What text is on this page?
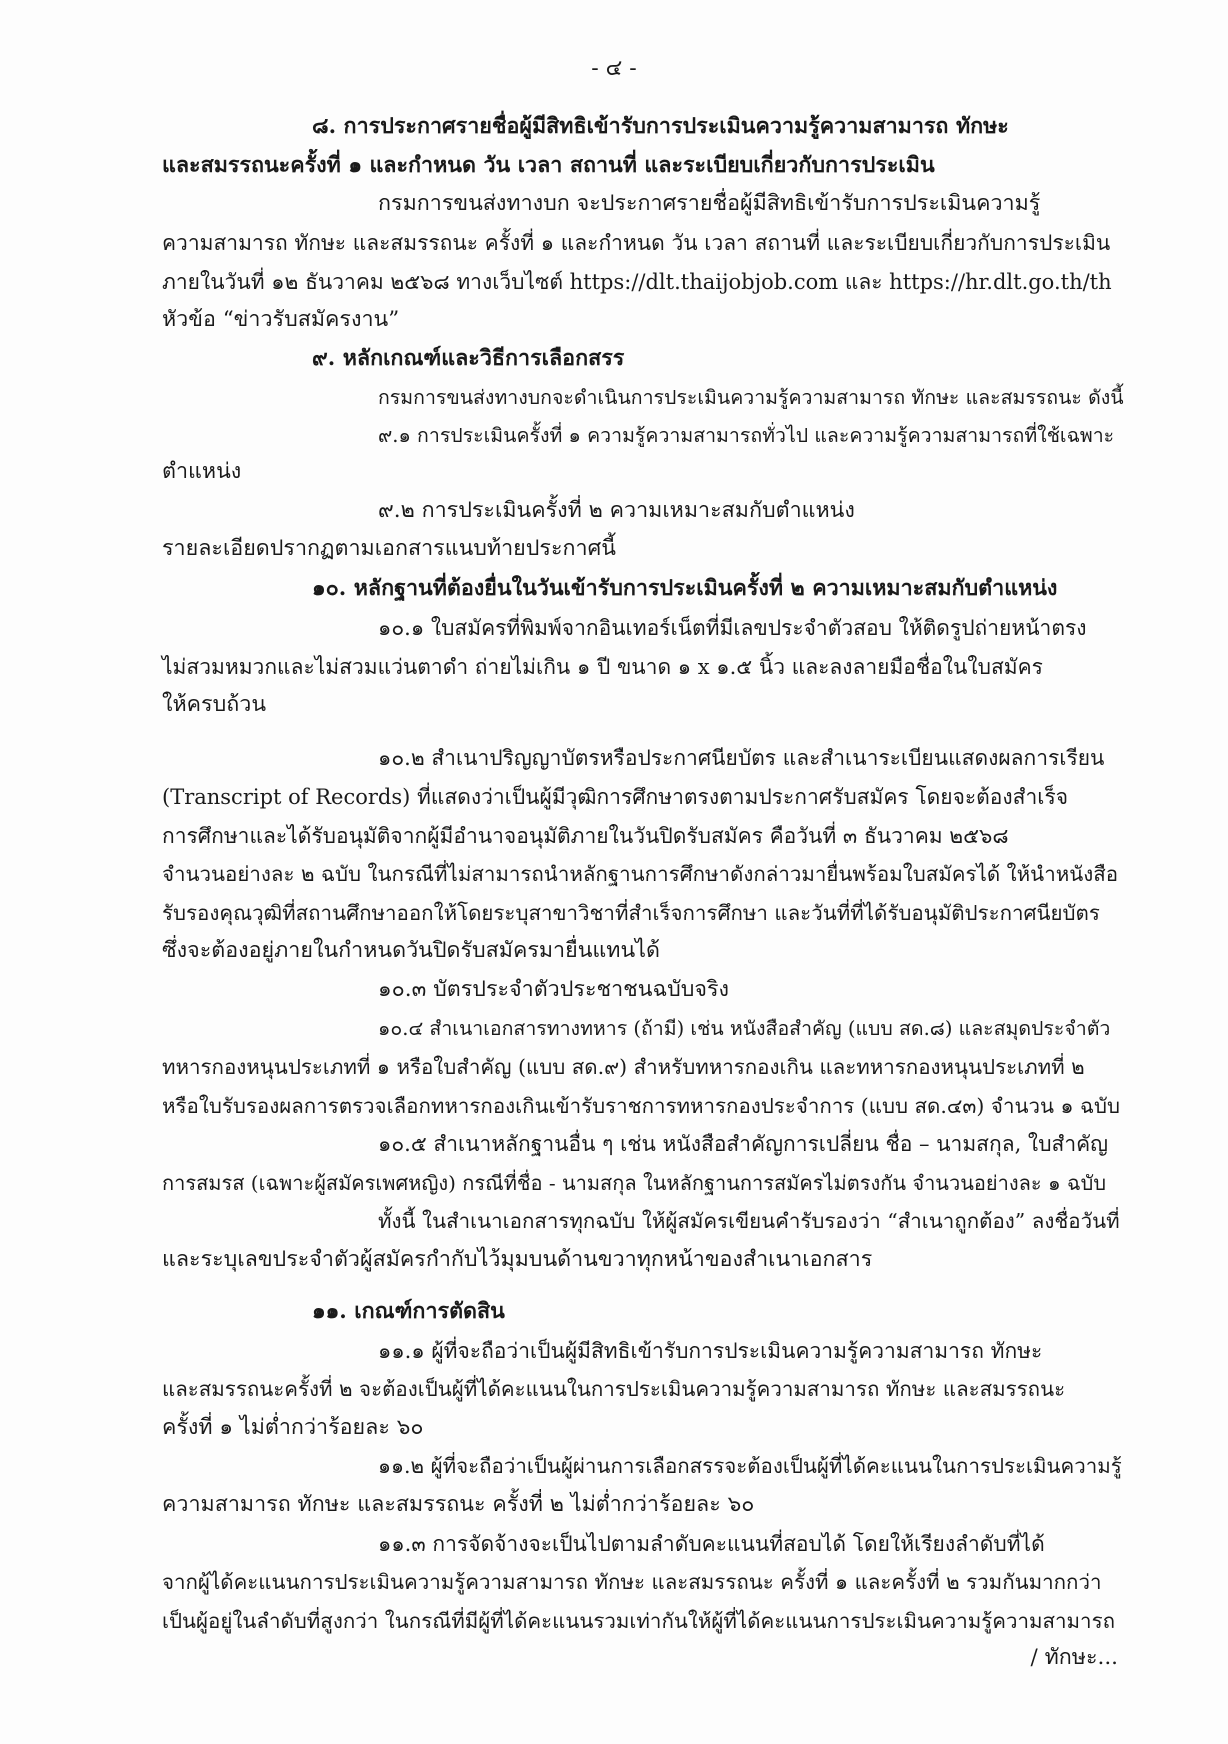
- ๔ -
๘. การประกาศรายชื่อผู้มีสิทธิเข้ารับการประเมินความรู้ความสามารถ ทักษะ
และสมรรถนะครั้งที่ ๑ และกำหนด วัน เวลา สถานที่ และระเบียบเกี่ยวกับการประเมิน
กรมการขนส่งทางบก จะประกาศรายชื่อผู้มีสิทธิเข้ารับการประเมินความรู้
ความสามารถ ทักษะ และสมรรถนะ ครั้งที่ ๑ และกำหนด วัน เวลา สถานที่ และระเบียบเกี่ยวกับการประเมิน
ภายในวันที่ ๑๒ ธันวาคม ๒๕๖๘ ทางเว็บไซต์ https://dlt.thaijobjob.com และ https://hr.dlt.go.th/th
หัวข้อ “ข่าวรับสมัครงาน”
๙. หลักเกณฑ์และวิธีการเลือกสรร
กรมการขนส่งทางบกจะดำเนินการประเมินความรู้ความสามารถ ทักษะ และสมรรถนะ ดังนี้
๙.๑ การประเมินครั้งที่ ๑ ความรู้ความสามารถทั่วไป และความรู้ความสามารถที่ใช้เฉพาะ
ตำแหน่ง
๙.๒ การประเมินครั้งที่ ๒ ความเหมาะสมกับตำแหน่ง
รายละเอียดปรากฏตามเอกสารแนบท้ายประกาศนี้
๑๐. หลักฐานที่ต้องยื่นในวันเข้ารับการประเมินครั้งที่ ๒ ความเหมาะสมกับตำแหน่ง
๑๐.๑ ใบสมัครที่พิมพ์จากอินเทอร์เน็ตที่มีเลขประจำตัวสอบ ให้ติดรูปถ่ายหน้าตรง
ไม่สวมหมวกและไม่สวมแว่นตาดำ ถ่ายไม่เกิน ๑ ปี ขนาด ๑ x ๑.๕ นิ้ว และลงลายมือชื่อในใบสมัคร
ให้ครบถ้วน
๑๐.๒ สำเนาปริญญาบัตรหรือประกาศนียบัตร และสำเนาระเบียนแสดงผลการเรียน
(Transcript of Records) ที่แสดงว่าเป็นผู้มีวุฒิการศึกษาตรงตามประกาศรับสมัคร โดยจะต้องสำเร็จ
การศึกษาและได้รับอนุมัติจากผู้มีอำนาจอนุมัติภายในวันปิดรับสมัคร คือวันที่ ๓ ธันวาคม ๒๕๖๘
จำนวนอย่างละ ๒ ฉบับ ในกรณีที่ไม่สามารถนำหลักฐานการศึกษาดังกล่าวมายื่นพร้อมใบสมัครได้ ให้นำหนังสือ
รับรองคุณวุฒิที่สถานศึกษาออกให้โดยระบุสาขาวิชาที่สำเร็จการศึกษา และวันที่ที่ได้รับอนุมัติประกาศนียบัตร
ซึ่งจะต้องอยู่ภายในกำหนดวันปิดรับสมัครมายื่นแทนได้
๑๐.๓ บัตรประจำตัวประชาชนฉบับจริง
๑๐.๔ สำเนาเอกสารทางทหาร (ถ้ามี) เช่น หนังสือสำคัญ (แบบ สด.๘) และสมุดประจำตัว
ทหารกองหนุนประเภทที่ ๑ หรือใบสำคัญ (แบบ สด.๙) สำหรับทหารกองเกิน และทหารกองหนุนประเภทที่ ๒
หรือใบรับรองผลการตรวจเลือกทหารกองเกินเข้ารับราชการทหารกองประจำการ (แบบ สด.๔๓) จำนวน ๑ ฉบับ
๑๐.๕ สำเนาหลักฐานอื่น ๆ เช่น หนังสือสำคัญการเปลี่ยน ชื่อ – นามสกุล, ใบสำคัญ
การสมรส (เฉพาะผู้สมัครเพศหญิง) กรณีที่ชื่อ - นามสกุล ในหลักฐานการสมัครไม่ตรงกัน จำนวนอย่างละ ๑ ฉบับ
ทั้งนี้ ในสำเนาเอกสารทุกฉบับ ให้ผู้สมัครเขียนคำรับรองว่า “สำเนาถูกต้อง” ลงชื่อวันที่
และระบุเลขประจำตัวผู้สมัครกำกับไว้มุมบนด้านขวาทุกหน้าของสำเนาเอกสาร
๑๑. เกณฑ์การตัดสิน
๑๑.๑ ผู้ที่จะถือว่าเป็นผู้มีสิทธิเข้ารับการประเมินความรู้ความสามารถ ทักษะ
และสมรรถนะครั้งที่ ๒ จะต้องเป็นผู้ที่ได้คะแนนในการประเมินความรู้ความสามารถ ทักษะ และสมรรถนะ
ครั้งที่ ๑ ไม่ต่ำกว่าร้อยละ ๖๐
๑๑.๒ ผู้ที่จะถือว่าเป็นผู้ผ่านการเลือกสรรจะต้องเป็นผู้ที่ได้คะแนนในการประเมินความรู้
ความสามารถ ทักษะ และสมรรถนะ ครั้งที่ ๒ ไม่ต่ำกว่าร้อยละ ๖๐
๑๑.๓ การจัดจ้างจะเป็นไปตามลำดับคะแนนที่สอบได้ โดยให้เรียงลำดับที่ได้
จากผู้ได้คะแนนการประเมินความรู้ความสามารถ ทักษะ และสมรรถนะ ครั้งที่ ๑ และครั้งที่ ๒ รวมกันมากกว่า
เป็นผู้อยู่ในลำดับที่สูงกว่า ในกรณีที่มีผู้ที่ได้คะแนนรวมเท่ากันให้ผู้ที่ได้คะแนนการประเมินความรู้ความสามารถ
/ ทักษะ...
